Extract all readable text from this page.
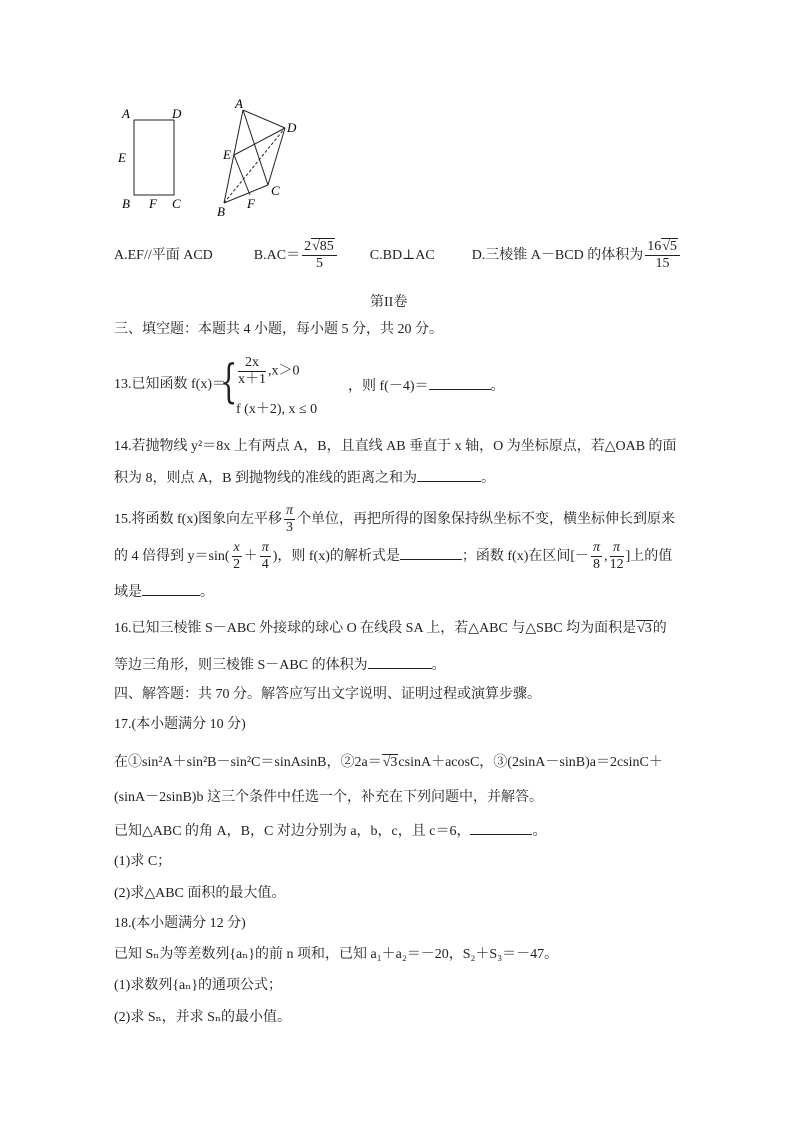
A	D
E
B F C
A
D
E
B
F
C
A.EF//平面 ACD	$B.AC= \frac{2√85}{5}$ C.BD⊥AC	D.三棱锥 A－BCD 的体积为 $\frac{16√5}{15}$
第II卷
三、填空题：本题共 4 小题，每小题 5 分，共 20 分。
13.已知函数 f(x)＝
{ $\frac{2x}{x+1} ,x>0$
f (x＋2), x ≤ 0
，则 f(－4)＝	。
14.若抛物线 y²＝8x 上有两点 A，B，且直线 AB 垂直于 x 轴，O 为坐标原点，若△OAB 的面
积为 8，则点 A，B 到抛物线的准线的距离之和为	。
15.将函数 f(x)图象向左平移 $\frac{\pi}{3}$ 个单位，再把所得的图象保持纵坐标不变，横坐标伸长到原来
的 4 倍得到 $y=\sin( \frac{x}{2} + \frac{\pi}{4}$ )，则 f(x)的解析式是	；函数 f(x)在区间[－ $\frac{\pi}{8}$ , $\frac{\pi}{12}$ ]上的值
域是	。
16.已知三棱锥 S－ABC 外接球的球心 O 在线段 SA 上，若△ABC 与△SBC 均为面积是√3的
等边三角形，则三棱锥 S－ABC 的体积为	。
四、解答题：共 70 分。解答应写出文字说明、证明过程或演算步骤。
17.(本小题满分 10 分)
在①sin²A＋sin²B－sin²C＝sinAsinB，②2a＝√3csinA＋acosC，③(2sinA－sinB)a＝2csinC＋
(sinA－2sinB)b 这三个条件中任选一个，补充在下列问题中，并解答。
已知△ABC 的角 A，B，C 对边分别为 a，b，c，且 c＝6，	。
(1)求 C；
(2)求△ABC 面积的最大值。
18.(本小题满分 12 分)
已知 Sₙ为等差数列{aₙ}的前 n 项和，已知 a₁＋a₂＝－20，S₂＋S₃＝－47。
(1)求数列{aₙ}的通项公式；
(2)求 Sₙ，并求 Sₙ的最小值。
